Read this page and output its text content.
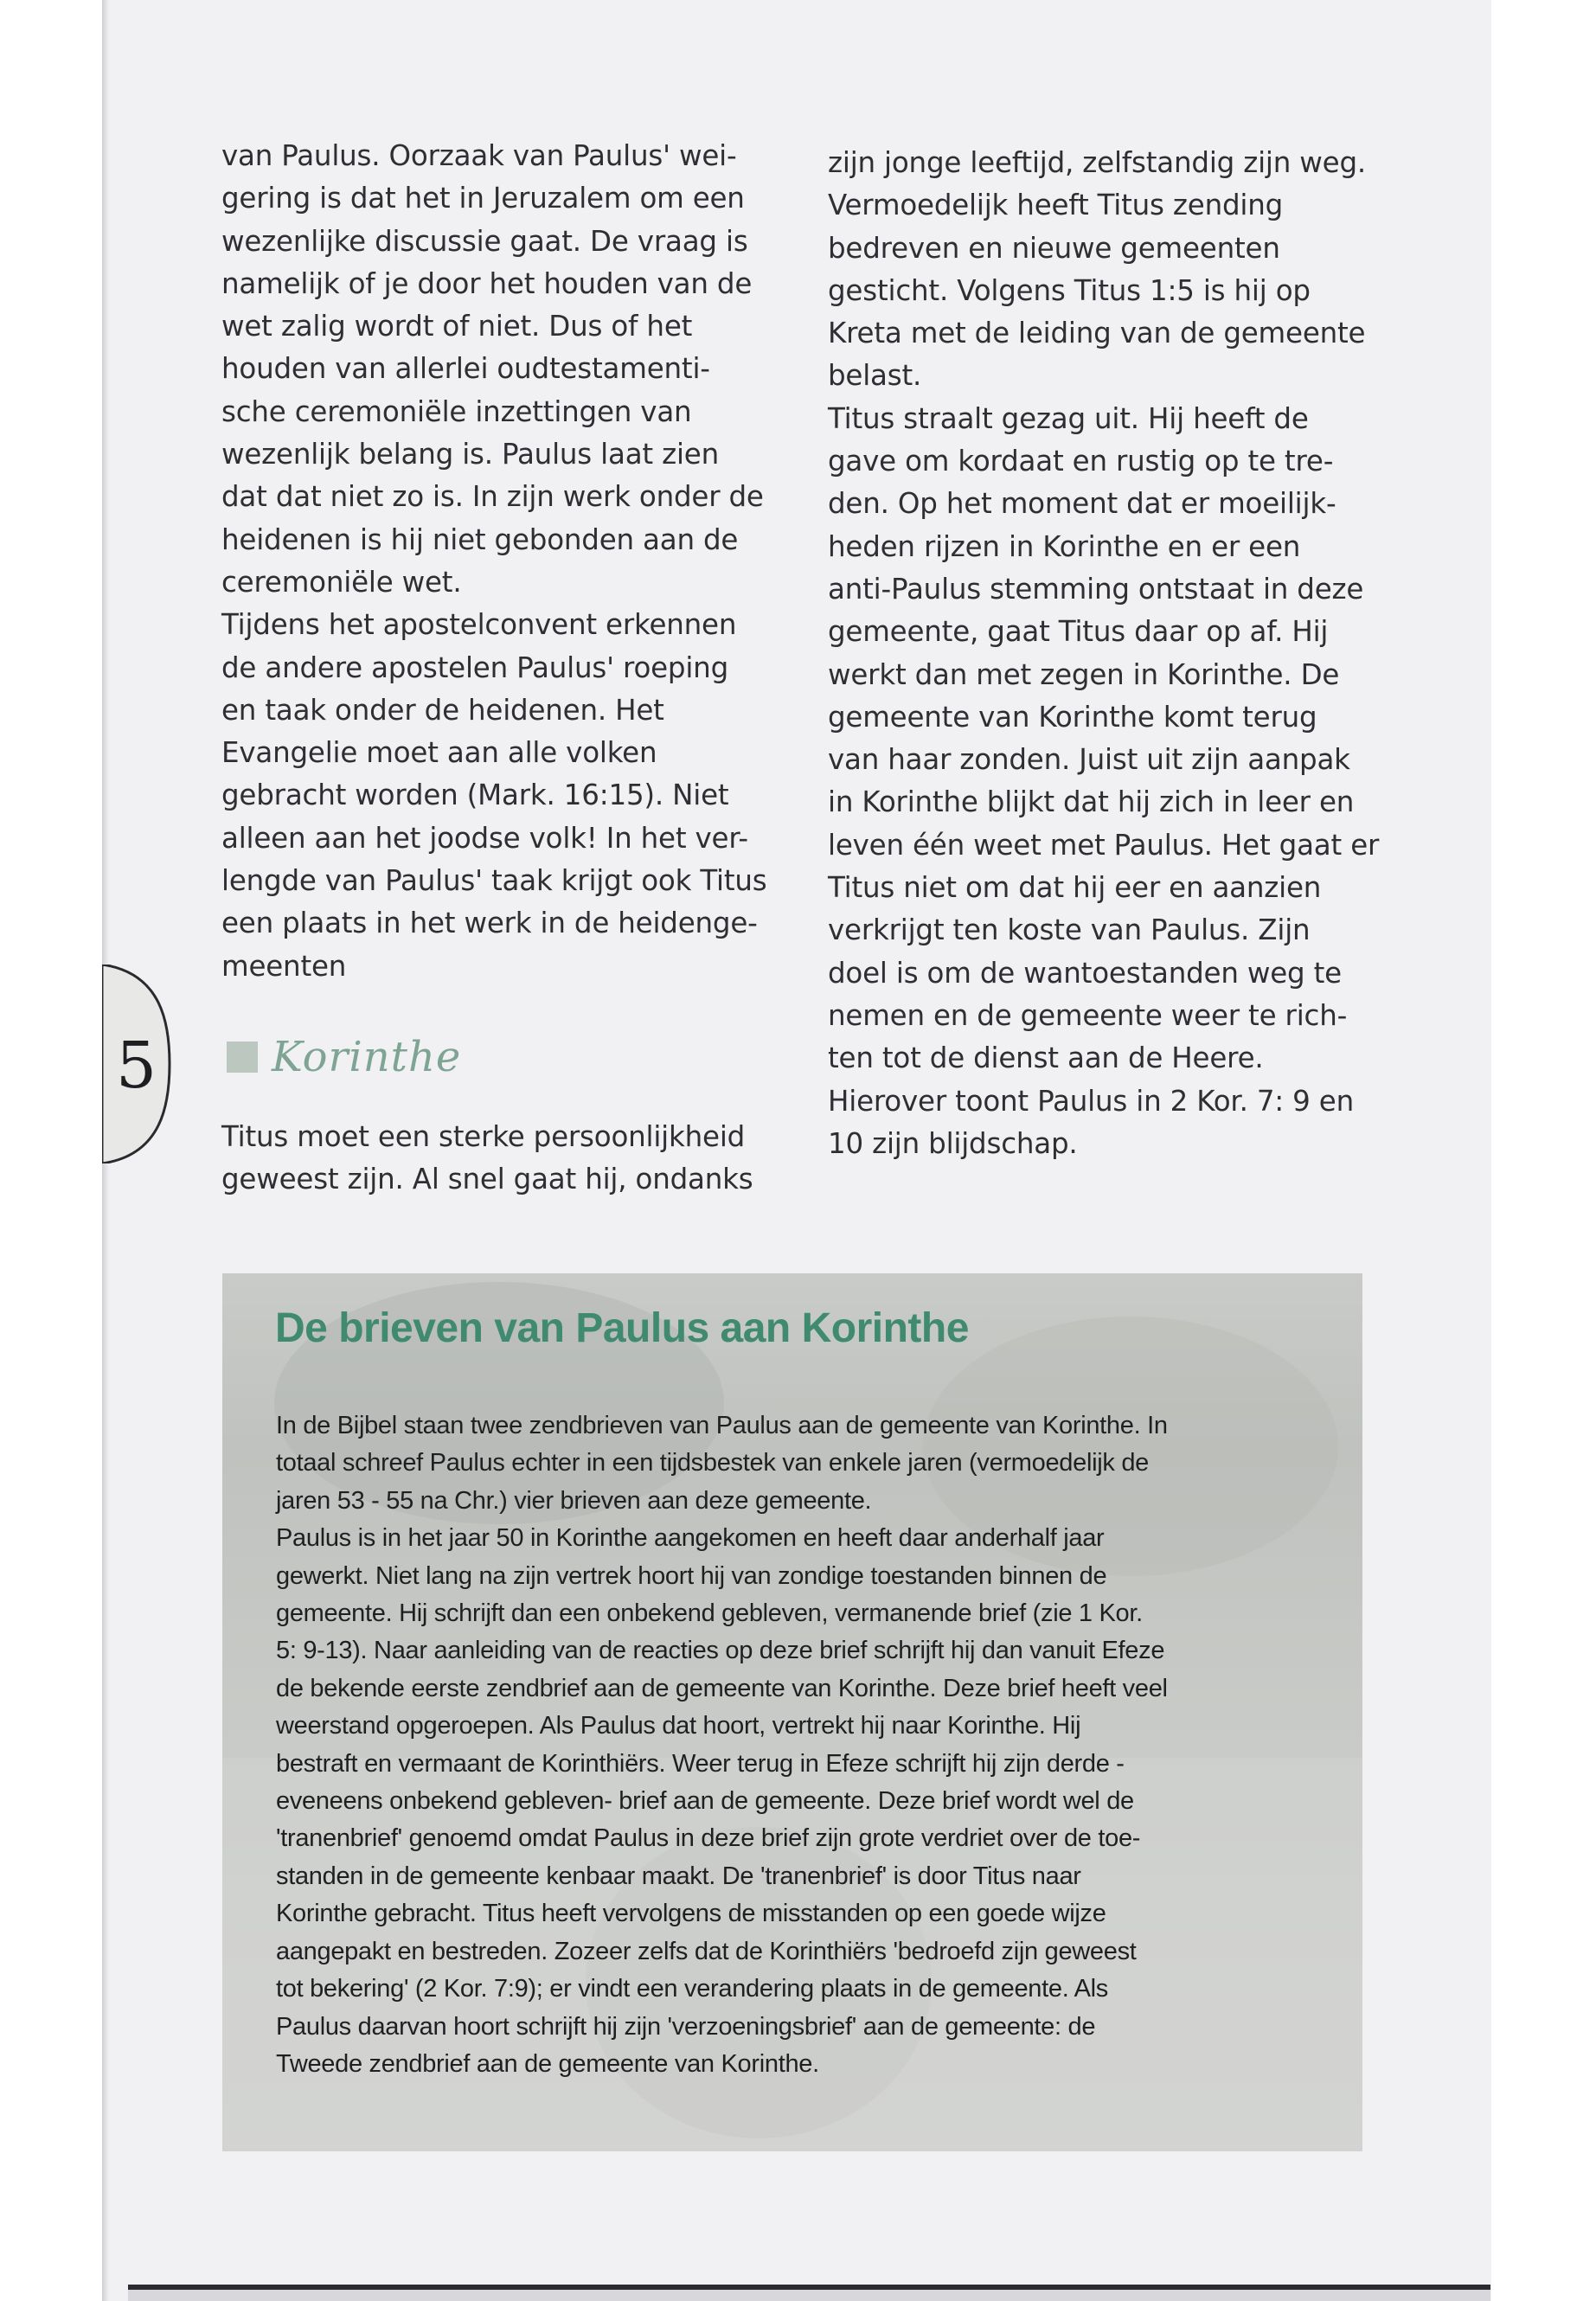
van Paulus. Oorzaak van Paulus' wei-
gering is dat het in Jeruzalem om een
wezenlijke discussie gaat. De vraag is
namelijk of je door het houden van de
wet zalig wordt of niet. Dus of het
houden van allerlei oudtestamenti-
sche ceremoniële inzettingen van
wezenlijk belang is. Paulus laat zien
dat dat niet zo is. In zijn werk onder de
heidenen is hij niet gebonden aan de
ceremoniële wet.
Tijdens het apostelconvent erkennen
de andere apostelen Paulus' roeping
en taak onder de heidenen. Het
Evangelie moet aan alle volken
gebracht worden (Mark. 16:15). Niet
alleen aan het joodse volk! In het ver-
lengde van Paulus' taak krijgt ook Titus
een plaats in het werk in de heidenge-
meenten
5	Korinthe
Titus moet een sterke persoonlijkheid
geweest zijn. Al snel gaat hij, ondanks
zijn jonge leeftijd, zelfstandig zijn weg.
Vermoedelijk heeft Titus zending
bedreven en nieuwe gemeenten
gesticht. Volgens Titus 1:5 is hij op
Kreta met de leiding van de gemeente
belast.
Titus straalt gezag uit. Hij heeft de
gave om kordaat en rustig op te tre-
den. Op het moment dat er moeilijk-
heden rijzen in Korinthe en er een
anti-Paulus stemming ontstaat in deze
gemeente, gaat Titus daar op af. Hij
werkt dan met zegen in Korinthe. De
gemeente van Korinthe komt terug
van haar zonden. Juist uit zijn aanpak
in Korinthe blijkt dat hij zich in leer en
leven één weet met Paulus. Het gaat er
Titus niet om dat hij eer en aanzien
verkrijgt ten koste van Paulus. Zijn
doel is om de wantoestanden weg te
nemen en de gemeente weer te rich-
ten tot de dienst aan de Heere.
Hierover toont Paulus in 2 Kor. 7: 9 en
10 zijn blijdschap.
De brieven van Paulus aan Korinthe
In de Bijbel staan twee zendbrieven van Paulus aan de gemeente van Korinthe. In
totaal schreef Paulus echter in een tijdsbestek van enkele jaren (vermoedelijk de
jaren 53 - 55 na Chr.) vier brieven aan deze gemeente.
Paulus is in het jaar 50 in Korinthe aangekomen en heeft daar anderhalf jaar
gewerkt. Niet lang na zijn vertrek hoort hij van zondige toestanden binnen de
gemeente. Hij schrijft dan een onbekend gebleven, vermanende brief (zie 1 Kor.
5: 9-13). Naar aanleiding van de reacties op deze brief schrijft hij dan vanuit Efeze
de bekende eerste zendbrief aan de gemeente van Korinthe. Deze brief heeft veel
weerstand opgeroepen. Als Paulus dat hoort, vertrekt hij naar Korinthe. Hij
bestraft en vermaant de Korinthiërs. Weer terug in Efeze schrijft hij zijn derde -
eveneens onbekend gebleven- brief aan de gemeente. Deze brief wordt wel de
'tranenbrief' genoemd omdat Paulus in deze brief zijn grote verdriet over de toe-
standen in de gemeente kenbaar maakt. De 'tranenbrief' is door Titus naar
Korinthe gebracht. Titus heeft vervolgens de misstanden op een goede wijze
aangepakt en bestreden. Zozeer zelfs dat de Korinthiërs 'bedroefd zijn geweest
tot bekering' (2 Kor. 7:9); er vindt een verandering plaats in de gemeente. Als
Paulus daarvan hoort schrijft hij zijn 'verzoeningsbrief' aan de gemeente: de
Tweede zendbrief aan de gemeente van Korinthe.
